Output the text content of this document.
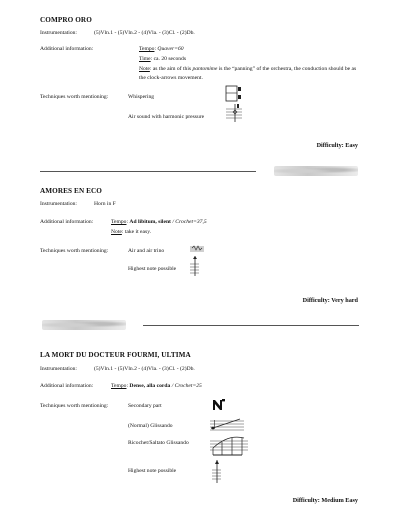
COMPRO ORO
Instrumentation:	(5)Vln.1 - (5)Vln.2 - (4)Vla. - (3)Cl. - (2)Db.
Additional information:	Tempo: Quaver=60
Time: ca. 20 seconds
Note: as the aim of this pantomime is the “panning” of the orchestra, the conduction should be as
the clock-arrows movement.
Techniques worth mentioning:	Whispering
Air sound with harmonic pressure
Difficulty: Easy
AMORES EN ECO
Instrumentation:	Horn in F
Additional information:	Tempo: Ad libitum, silent / Crochet=37,5
Note: take it easy.
Techniques worth mentioning:	Air and air trino
Highest note possible
Difficulty: Very hard
LA MORT DU DOCTEUR FOURMI, ULTIMA
Instrumentation:	(5)Vln.1 - (5)Vln.2 - (4)Vla. - (3)Cl. - (2)Db.
Additional information:	Tempo: Dense, alla corda / Crochet=25
Techniques worth mentioning:	Secondary part
(Normal) Glissando
Ricochet/Saltato Glissando
Highest note possible
Difficulty: Medium Easy
